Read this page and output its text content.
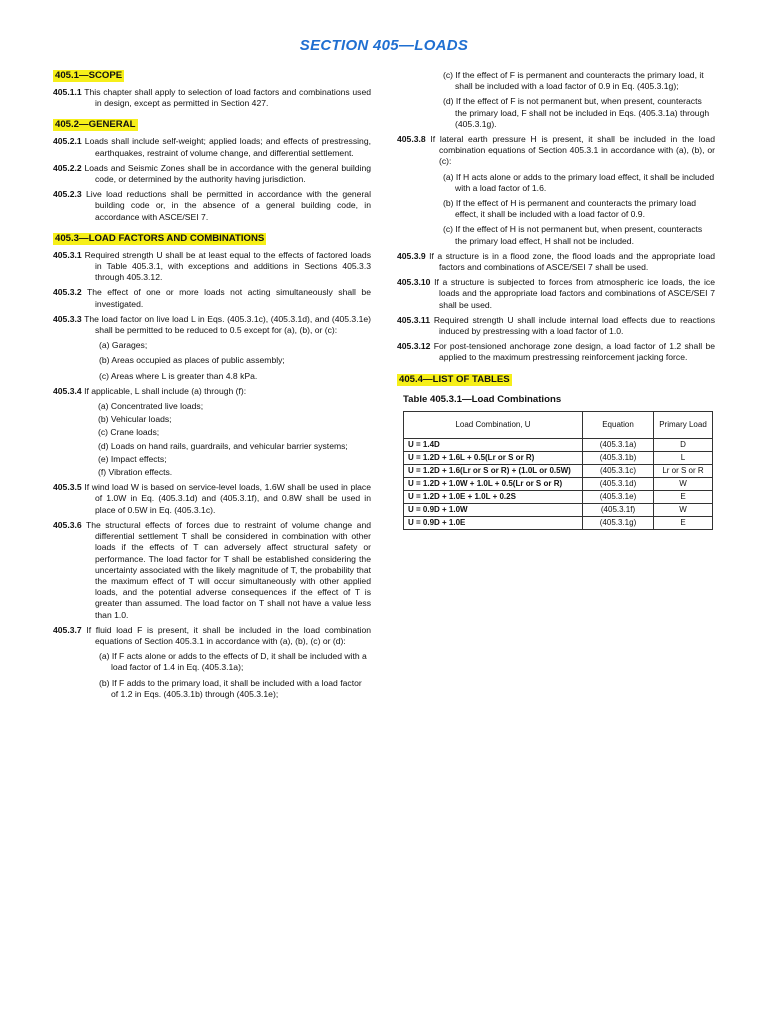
SECTION 405—LOADS
405.1—SCOPE
405.1.1 This chapter shall apply to selection of load factors and combinations used in design, except as permitted in Section 427.
405.2—GENERAL
405.2.1 Loads shall include self-weight; applied loads; and effects of prestressing, earthquakes, restraint of volume change, and differential settlement.
405.2.2 Loads and Seismic Zones shall be in accordance with the general building code, or determined by the authority having jurisdiction.
405.2.3 Live load reductions shall be permitted in accordance with the general building code or, in the absence of a general building code, in accordance with ASCE/SEI 7.
405.3—LOAD FACTORS AND COMBINATIONS
405.3.1 Required strength U shall be at least equal to the effects of factored loads in Table 405.3.1, with exceptions and additions in Sections 405.3.3 through 405.3.12.
405.3.2 The effect of one or more loads not acting simultaneously shall be investigated.
405.3.3 The load factor on live load L in Eqs. (405.3.1c), (405.3.1d), and (405.3.1e) shall be permitted to be reduced to 0.5 except for (a), (b), or (c):
(a) Garages;
(b) Areas occupied as places of public assembly;
(c) Areas where L is greater than 4.8 kPa.
405.3.4 If applicable, L shall include (a) through (f):
(a) Concentrated live loads;
(b) Vehicular loads;
(c) Crane loads;
(d) Loads on hand rails, guardrails, and vehicular barrier systems;
(e) Impact effects;
(f) Vibration effects.
405.3.5 If wind load W is based on service-level loads, 1.6W shall be used in place of 1.0W in Eq. (405.3.1d) and (405.3.1f), and 0.8W shall be used in place of 0.5W in Eq. (405.3.1c).
405.3.6 The structural effects of forces due to restraint of volume change and differential settlement T shall be considered in combination with other loads if the effects of T can adversely affect structural safety or performance. The load factor for T shall be established considering the uncertainty associated with the likely magnitude of T, the probability that the maximum effect of T will occur simultaneously with other applied loads, and the potential adverse consequences if the effect of T is greater than assumed. The load factor on T shall not have a value less than 1.0.
405.3.7 If fluid load F is present, it shall be included in the load combination equations of Section 405.3.1 in accordance with (a), (b), (c) or (d):
(a) If F acts alone or adds to the effects of D, it shall be included with a load factor of 1.4 in Eq. (405.3.1a);
(b) If F adds to the primary load, it shall be included with a load factor of 1.2 in Eqs. (405.3.1b) through (405.3.1e);
(c) If the effect of F is permanent and counteracts the primary load, it shall be included with a load factor of 0.9 in Eq. (405.3.1g);
(d) If the effect of F is not permanent but, when present, counteracts the primary load, F shall not be included in Eqs. (405.3.1a) through (405.3.1g).
405.3.8 If lateral earth pressure H is present, it shall be included in the load combination equations of Section 405.3.1 in accordance with (a), (b), or (c):
(a) If H acts alone or adds to the primary load effect, it shall be included with a load factor of 1.6.
(b) If the effect of H is permanent and counteracts the primary load effect, it shall be included with a load factor of 0.9.
(c) If the effect of H is not permanent but, when present, counteracts the primary load effect, H shall not be included.
405.3.9 If a structure is in a flood zone, the flood loads and the appropriate load factors and combinations of ASCE/SEI 7 shall be used.
405.3.10 If a structure is subjected to forces from atmospheric ice loads, the ice loads and the appropriate load factors and combinations of ASCE/SEI 7 shall be used.
405.3.11 Required strength U shall include internal load effects due to reactions induced by prestressing with a load factor of 1.0.
405.3.12 For post-tensioned anchorage zone design, a load factor of 1.2 shall be applied to the maximum prestressing reinforcement jacking force.
405.4—LIST OF TABLES
Table 405.3.1—Load Combinations
Load Combination, U	Equation	Primary Load
U = 1.4D	(405.3.1a)	D
U = 1.2D + 1.6L + 0.5(Lr or S or R)	(405.3.1b)	L
U = 1.2D + 1.6(Lr or S or R) + (1.0L or 0.5W)	(405.3.1c)	Lr or S or R
U = 1.2D + 1.0W + 1.0L + 0.5(Lr or S or R)	(405.3.1d)	W
U = 1.2D + 1.0E + 1.0L + 0.2S	(405.3.1e)	E
U = 0.9D + 1.0W	(405.3.1f)	W
U = 0.9D + 1.0E	(405.3.1g)	E
